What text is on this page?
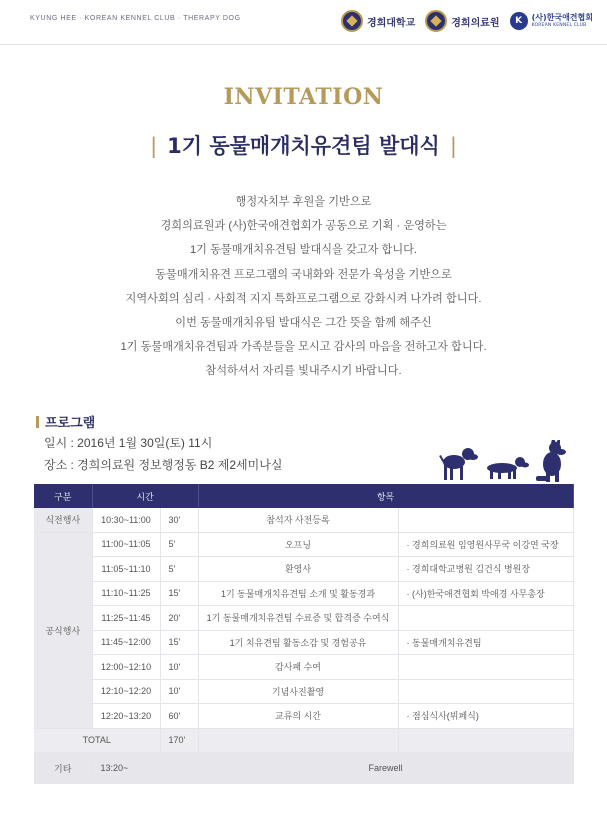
KYUNG HEE · KOREAN KENNEL CLUB · THERAPY DOG	경희대학교	경희의료원	K	(사)한국애견협회
KOREAN KENNEL CLUB
INVITATION
| 1기 동물매개치유견팀 발대식 |
행정자치부 후원을 기반으로
경희의료원과 (사)한국애견협회가 공동으로 기획 · 운영하는
1기 동물매개치유견팀 발대식을 갖고자 합니다.
동물매개치유견 프로그램의 국내화와 전문가 육성을 기반으로
지역사회의 심리 · 사회적 지지 특화프로그램으로 강화시켜 나가려 합니다.
이번 동물매개치유팀 발대식은 그간 뜻을 함께 해주신
1기 동물매개치유견팀과 가족분들을 모시고 감사의 마음을 전하고자 합니다.
참석하셔서 자리를 빛내주시기 바랍니다.
프로그램
일시 : 2016년 1월 30일(토) 11시
장소 : 경희의료원 정보행정동 B2 제2세미나실
구분	시간		항목	
식전행사	10:30~11:00	30'	참석자 사전등록	
공식행사	11:00~11:05	5'	오프닝	· 경희의료원 임영원사무국 이강연 국장
	11:05~11:10	5'	환영사	· 경희대학교병원 김건식 병원장
	11:10~11:25	15'	1기 동물매개치유견팀 소개 및 활동경과	· (사)한국애견협회 박애경 사무총장
	11:25~11:45	20'	1기 동물매개치유견팀 수료증 및 합격증 수여식	
	11:45~12:00	15'	1기 치유견팀 활동소감 및 경험공유	· 동물매개치유견팀
	12:00~12:10	10'	감사패 수여	
	12:10~12:20	10'	기념사진촬영	
	12:20~13:20	60'	교류의 시간	· 점심식사(뷔페식)
TOTAL		170'		
기타	13:20~		Farewell	
